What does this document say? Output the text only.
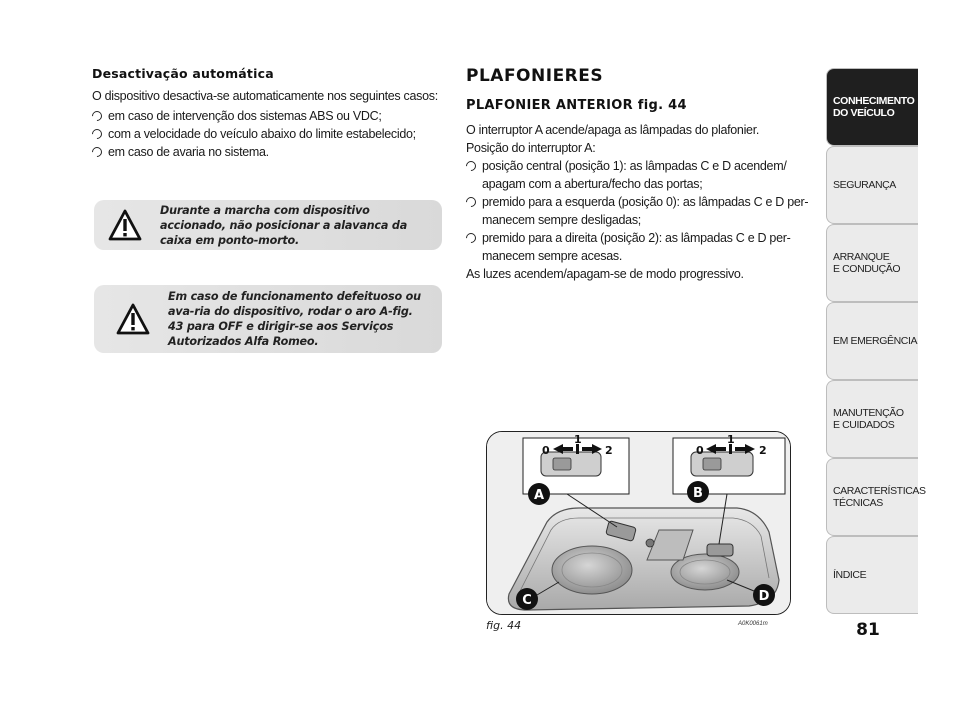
Desactivação automática

O dispositivo desactiva-se automaticamente nos seguintes casos:

em caso de intervenção dos sistemas ABS ou VDC;
com a velocidade do veículo abaixo do limite estabelecido;
em caso de avaria no sistema.
Durante a marcha com dispositivo accionado, não posicionar a alavanca da caixa em ponto-morto.
Em caso de funcionamento defeituoso ou ava-ria do dispositivo, rodar o aro A-fig. 43 para OFF e dirigir-se aos Serviços Autorizados Alfa Romeo.
PLAFONIERES
PLAFONIER ANTERIOR fig. 44

O interruptor A acende/apaga as lâmpadas do plafonier.

Posição do interruptor A:

posição central (posição 1): as lâmpadas C e D acendem/ apagam com a abertura/fecho das portas;
premido para a esquerda (posição 0): as lâmpadas C e D per-manecem sempre desligadas;
premido para a direita (posição 2): as lâmpadas C e D per-manecem sempre acesas.

As luzes acendem/apagam-se de modo progressivo.

0
1
2	0
1
2
A	B
C	D
fig. 44	A0K0061m	81
CONHECIMENTO
DO VEÍCULO
SEGURANÇA
ARRANQUE
E CONDUÇÃO
EM EMERGÊNCIA
MANUTENÇÃO
E CUIDADOS
CARACTERÍSTICAS
TÉCNICAS
ÍNDICE
